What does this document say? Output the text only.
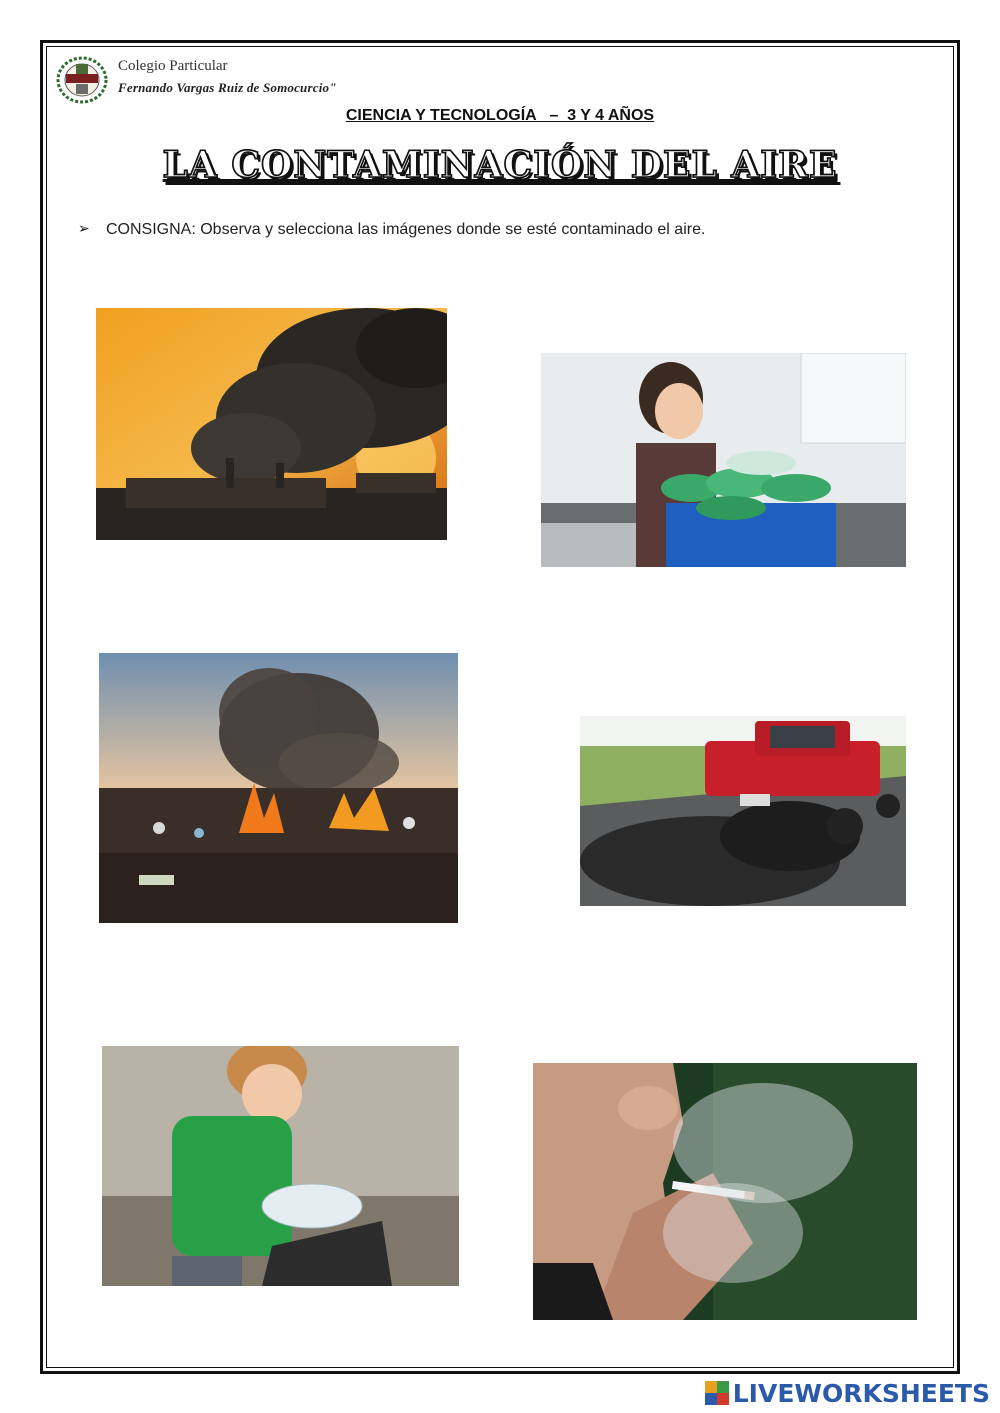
Colegio Particular
Fernando Vargas Ruiz de Somocurcio"
CIENCIA Y TECNOLOGÍA   –  3 Y 4 AÑOS
LA CONTAMINACIÓN DEL AIRE
➢ CONSIGNA: Observa y selecciona las imágenes donde se esté contaminado el aire.
LIVEWORKSHEETS
